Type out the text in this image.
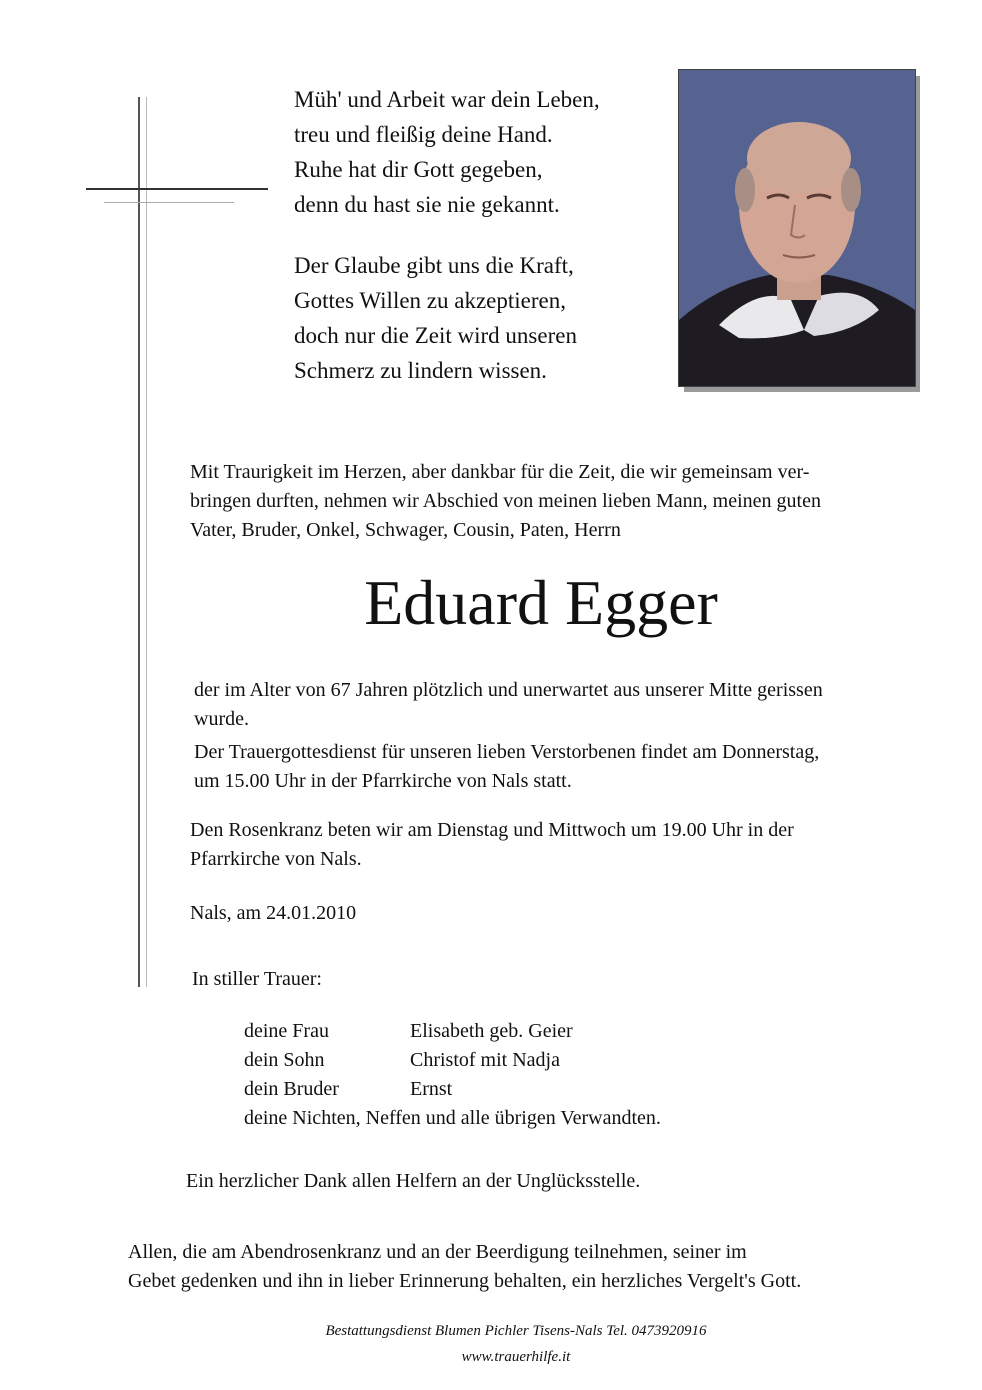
Müh' und Arbeit war dein Leben,
treu und fleißig deine Hand.
Ruhe hat dir Gott gegeben,
denn du hast sie nie gekannt.
Der Glaube gibt uns die Kraft,
Gottes Willen zu akzeptieren,
doch nur die Zeit wird unseren
Schmerz zu lindern wissen.
Mit Traurigkeit im Herzen, aber dankbar für die Zeit, die wir gemeinsam ver-
bringen durften, nehmen wir Abschied von meinen lieben Mann, meinen guten
Vater, Bruder, Onkel, Schwager, Cousin, Paten, Herrn
Eduard Egger
der im Alter von 67 Jahren plötzlich und unerwartet aus unserer Mitte gerissen
wurde.
Der Trauergottesdienst für unseren lieben Verstorbenen findet am Donnerstag,
um 15.00 Uhr in der Pfarrkirche von Nals statt.
Den Rosenkranz beten wir am Dienstag und Mittwoch um 19.00 Uhr in der
Pfarrkirche von Nals.
Nals, am 24.01.2010
In stiller Trauer:
deine Frau	Elisabeth geb. Geier
dein Sohn	Christof mit Nadja
dein Bruder	Ernst
deine Nichten, Neffen und alle übrigen Verwandten.
Ein herzlicher Dank allen Helfern an der Unglücksstelle.
Allen, die am Abendrosenkranz und an der Beerdigung teilnehmen, seiner im
Gebet gedenken und ihn in lieber Erinnerung behalten, ein herzliches Vergelt's Gott.
Bestattungsdienst Blumen Pichler Tisens-Nals Tel. 0473920916
www.trauerhilfe.it
